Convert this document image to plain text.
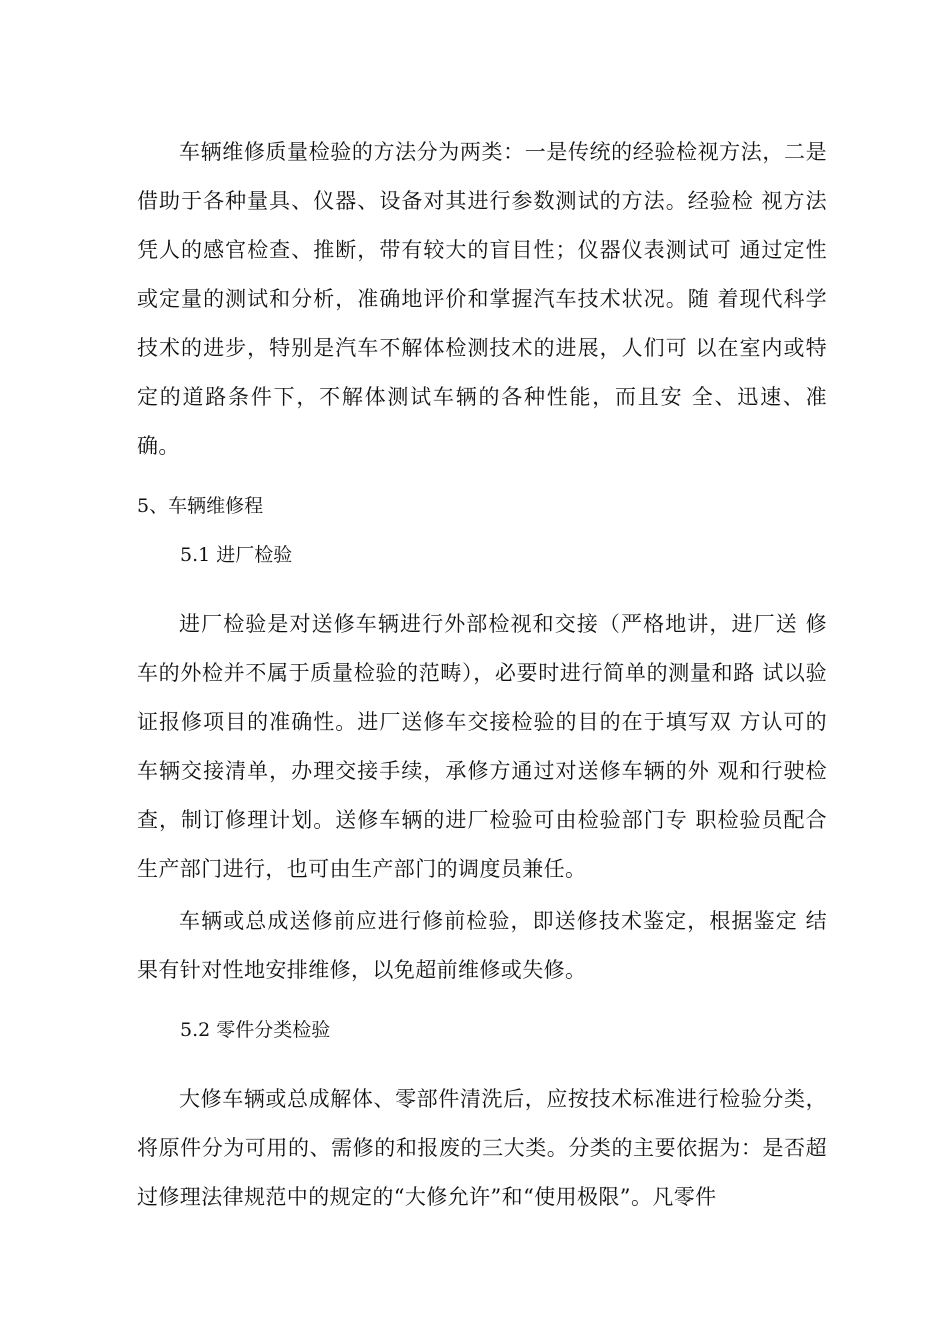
车辆维修质量检验的方法分为两类：一是传统的经验检视方法，二是借助于各种量具、仪器、设备对其进行参数测试的方法。经验检 视方法凭人的感官检查、推断，带有较大的盲目性；仪器仪表测试可 通过定性或定量的测试和分析，准确地评价和掌握汽车技术状况。随 着现代科学技术的进步，特别是汽车不解体检测技术的进展，人们可 以在室内或特定的道路条件下，不解体测试车辆的各种性能，而且安 全、迅速、准确。

5、车辆维修程

5.1 进厂检验

进厂检验是对送修车辆进行外部检视和交接（严格地讲，进厂送 修车的外检并不属于质量检验的范畴），必要时进行简单的测量和路 试以验证报修项目的准确性。进厂送修车交接检验的目的在于填写双 方认可的车辆交接清单，办理交接手续，承修方通过对送修车辆的外 观和行驶检查，制订修理计划。送修车辆的进厂检验可由检验部门专 职检验员配合生产部门进行，也可由生产部门的调度员兼任。

车辆或总成送修前应进行修前检验，即送修技术鉴定，根据鉴定 结果有针对性地安排维修，以免超前维修或失修。

5.2 零件分类检验

大修车辆或总成解体、零部件清洗后，应按技术标准进行检验分类，将原件分为可用的、需修的和报废的三大类。分类的主要依据为：是否超过修理法律规范中的规定的“大修允许”和“使用极限”。凡零件
